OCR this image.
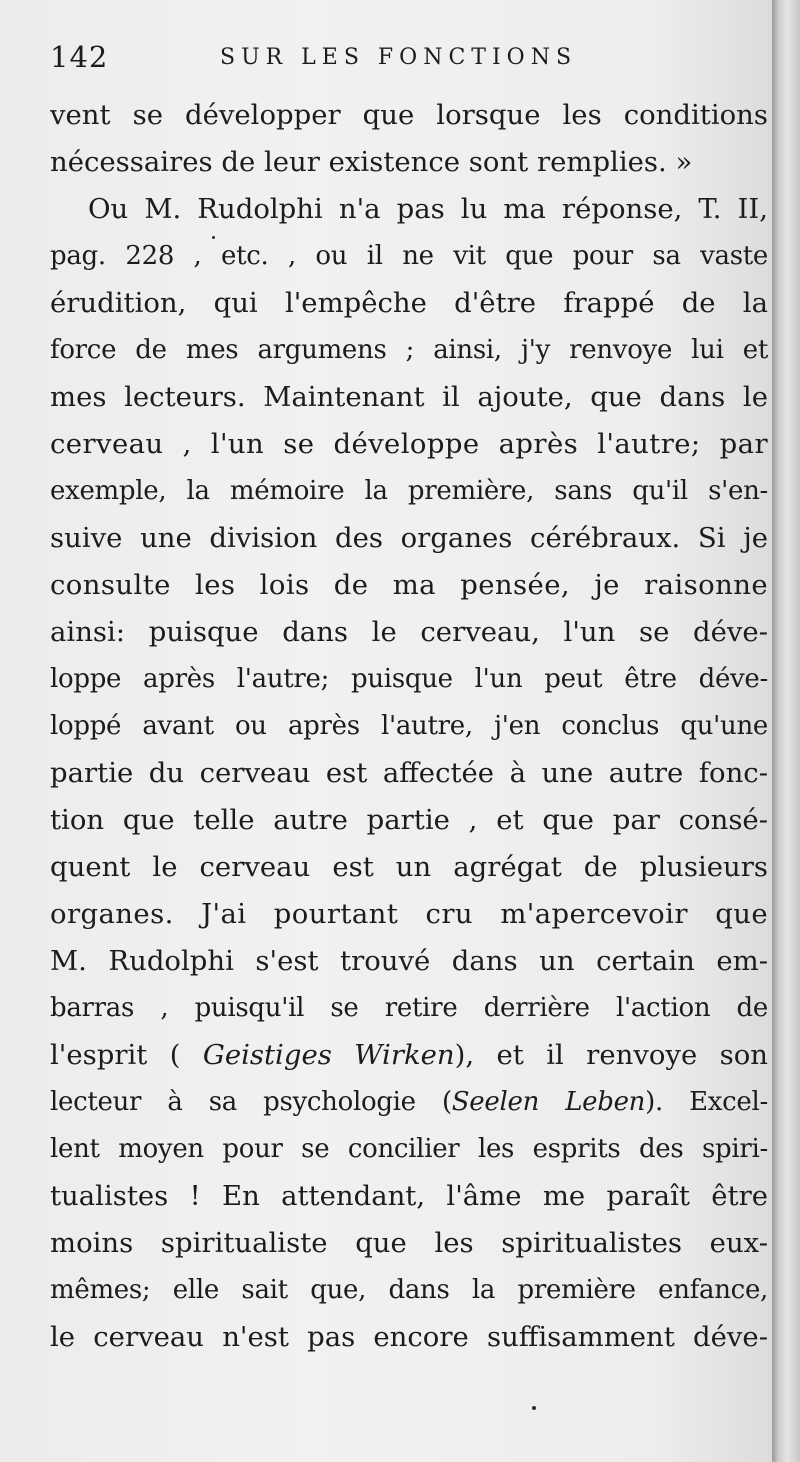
142	SUR LES FONCTIONS
vent se développer que lorsque les conditions
nécessaires de leur existence sont remplies. »
Ou M. Rudolphi n'a pas lu ma réponse, T. II,
pag. 228 , etc. , ou il ne vit que pour sa vaste
érudition, qui l'empêche d'être frappé de la
force de mes argumens ; ainsi, j'y renvoye lui et
mes lecteurs. Maintenant il ajoute, que dans le
cerveau , l'un se développe après l'autre; par
exemple, la mémoire la première, sans qu'il s'en-
suive une division des organes cérébraux. Si je
consulte les lois de ma pensée, je raisonne
ainsi: puisque dans le cerveau, l'un se déve-
loppe après l'autre; puisque l'un peut être déve-
loppé avant ou après l'autre, j'en conclus qu'une
partie du cerveau est affectée à une autre fonc-
tion que telle autre partie , et que par consé-
quent le cerveau est un agrégat de plusieurs
organes. J'ai pourtant cru m'apercevoir que
M. Rudolphi s'est trouvé dans un certain em-
barras , puisqu'il se retire derrière l'action de
l'esprit ( Geistiges Wirken), et il renvoye son
lecteur à sa psychologie (Seelen Leben). Excel-
lent moyen pour se concilier les esprits des spiri-
tualistes ! En attendant, l'âme me paraît être
moins spiritualiste que les spiritualistes eux-
mêmes; elle sait que, dans la première enfance,
le cerveau n'est pas encore suffisamment déve-
